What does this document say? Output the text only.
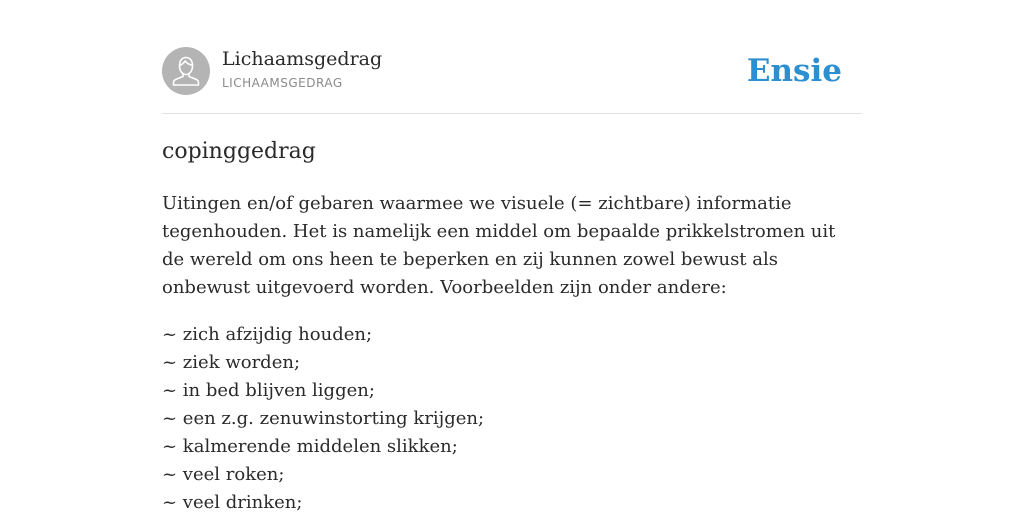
Lichaamsgedrag
LICHAAMSGEDRAG	Ensie
copinggedrag

Uitingen en/of gebaren waarmee we visuele (= zichtbare) informatie tegenhouden. Het is namelijk een middel om bepaalde prikkelstromen uit de wereld om ons heen te beperken en zij kunnen zowel bewust als onbewust uitgevoerd worden. Voorbeelden zijn onder andere:

~ zich afzijdig houden;
~ ziek worden;
~ in bed blijven liggen;
~ een z.g. zenuwinstorting krijgen;
~ kalmerende middelen slikken;
~ veel roken;
~ veel drinken;
